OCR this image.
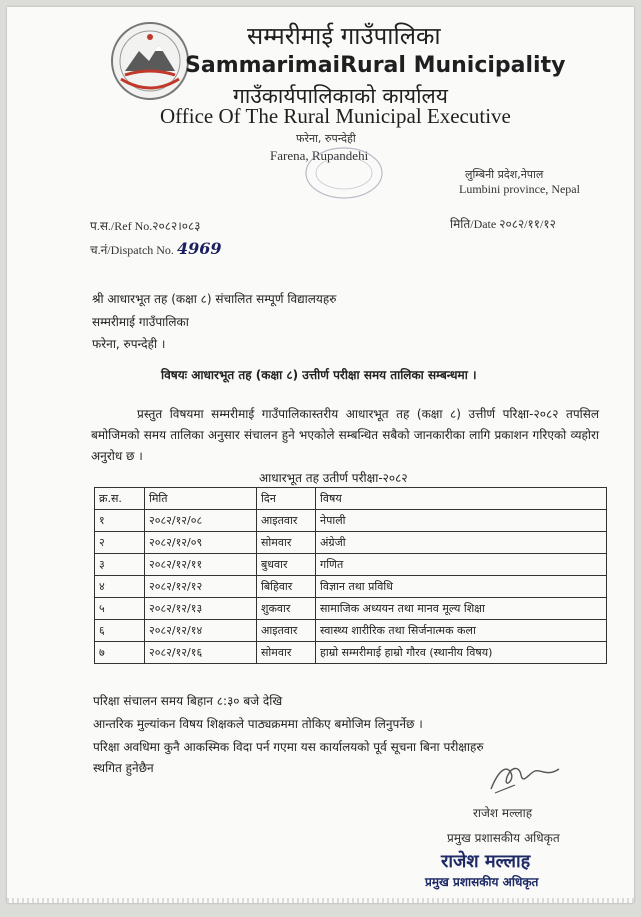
सम्मरीमाई गाउँपालिका
SammarimaiRural Municipality
गाउँकार्यपालिकाको कार्यालय
Office Of The Rural Municipal Executive
फरेना, रुपन्देही
Farena, Rupandehi
लुम्बिनी प्रदेश,नेपाल
Lumbini province, Nepal
प.स./Ref No.२०८२।०८३	मिति/Date २०८२/११/१२
च.नं/Dispatch No. 4969
श्री आधारभूत तह (कक्षा ८) संचालित सम्पूर्ण विद्यालयहरु
सम्मरीमाई गाउँपालिका
फरेना, रुपन्देही ।
विषयः आधारभूत तह (कक्षा ८) उत्तीर्ण परीक्षा समय तालिका सम्बन्धमा ।
प्रस्तुत विषयमा सम्मरीमाई गाउँपालिकास्तरीय आधारभूत तह (कक्षा ८) उत्तीर्ण परिक्षा-२०८२ तपसिल बमोजिमको समय तालिका अनुसार संचालन हुने भएकोले सम्बन्धित सबैको जानकारीका लागि प्रकाशन गरिएको व्यहोरा अनुरोध छ ।
आधारभूत तह उतीर्ण परीक्षा-२०८२
क्र.स.	मिति	दिन	विषय
१	२०८२/१२/०८	आइतवार	नेपाली
२	२०८२/१२/०९	सोमवार	अंग्रेजी
३	२०८२/१२/११	बुधवार	गणित
४	२०८२/१२/१२	बिहिवार	विज्ञान तथा प्रविधि
५	२०८२/१२/१३	शुकवार	सामाजिक अध्ययन तथा मानव मूल्य शिक्षा
६	२०८२/१२/१४	आइतवार	स्वास्थ्य शारीरिक तथा सिर्जनात्मक कला
७	२०८२/१२/१६	सोमवार	हाम्रो सम्मरीमाई हाम्रो गौरव (स्थानीय विषय)
परिक्षा संचालन समय बिहान ८:३० बजे देखि
आन्तरिक मुल्यांकन विषय शिक्षकले पाठ्यक्रममा तोकिए बमोजिम लिनुपर्नेछ ।
परिक्षा अवधिमा कुनै आकस्मिक विदा पर्न गएमा यस कार्यालयको पूर्व सूचना बिना परीक्षाहरु
स्थगित हुनेछैन
राजेश मल्लाह
प्रमुख प्रशासकीय अधिकृत
राजेश मल्लाह
प्रमुख प्रशासकीय अधिकृत
